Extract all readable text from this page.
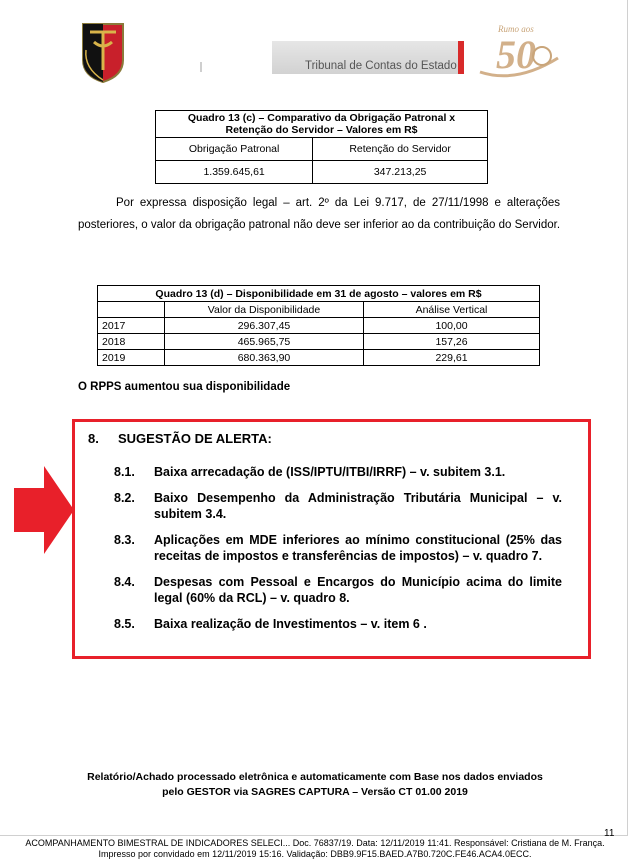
Tribunal de Contas do Estado
Rumo aos
50
Quadro 13 (c) – Comparativo da Obrigação Patronal x
Retenção do Servidor – Valores em R$	
Obrigação Patronal	Retenção do Servidor
1.359.645,61	347.213,25

Por expressa disposição legal – art. 2º da Lei 9.717, de 27/11/1998 e alterações posteriores, o valor da obrigação patronal não deve ser inferior ao da contribuição do Servidor.

Quadro 13 (d) – Disponibilidade em 31 de agosto – valores em R$		
	Valor da Disponibilidade	Análise Vertical
2017	296.307,45	100,00
2018	465.965,75	157,26
2019	680.363,90	229,61
O RPPS aumentou sua disponibilidade
8. SUGESTÃO DE ALERTA:
8.1.	Baixa arrecadação de (ISS/IPTU/ITBI/IRRF) – v. subitem 3.1.
8.2.	Baixo Desempenho da Administração Tributária Municipal – v. subitem 3.4.
8.3.	Aplicações em MDE inferiores ao mínimo constitucional (25% das receitas de impostos e transferências de impostos) – v. quadro 7.
8.4.	Despesas com Pessoal e Encargos do Município acima do limite legal (60% da RCL) – v. quadro 8.
8.5.	Baixa realização de Investimentos – v. item 6 .
Relatório/Achado processado eletrônica e automaticamente com Base nos dados enviados
pelo GESTOR via SAGRES CAPTURA – Versão CT 01.00 2019
11
ACOMPANHAMENTO BIMESTRAL DE INDICADORES SELECI... Doc. 76837/19. Data: 12/11/2019 11:41. Responsável: Cristiana de M. França.
Impresso por convidado em 12/11/2019 15:16. Validação: DBB9.9F15.BAED.A7B0.720C.FE46.ACA4.0ECC.
